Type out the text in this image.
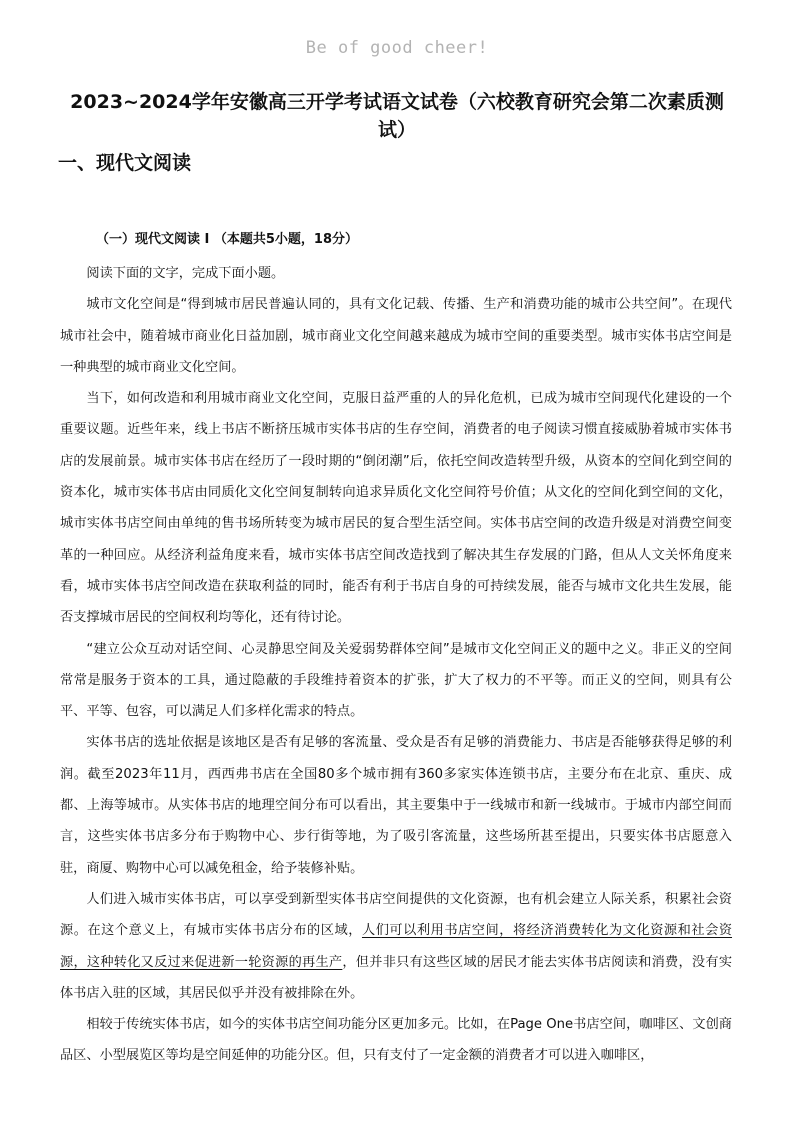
Be of good cheer!
2023~2024学年安徽高三开学考试语文试卷（六校教育研究会第二次素质测试）
一、现代文阅读
（一）现代文阅读 I （本题共5小题，18分）

阅读下面的文字，完成下面小题。

城市文化空间是“得到城市居民普遍认同的，具有文化记载、传播、生产和消费功能的城市公共空间”。在现代城市社会中，随着城市商业化日益加剧，城市商业文化空间越来越成为城市空间的重要类型。城市实体书店空间是一种典型的城市商业文化空间。

当下，如何改造和利用城市商业文化空间，克服日益严重的人的异化危机，已成为城市空间现代化建设的一个重要议题。近些年来，线上书店不断挤压城市实体书店的生存空间，消费者的电子阅读习惯直接威胁着城市实体书店的发展前景。城市实体书店在经历了一段时期的“倒闭潮”后，依托空间改造转型升级，从资本的空间化到空间的资本化，城市实体书店由同质化文化空间复制转向追求异质化文化空间符号价值；从文化的空间化到空间的文化，城市实体书店空间由单纯的售书场所转变为城市居民的复合型生活空间。实体书店空间的改造升级是对消费空间变革的一种回应。从经济利益角度来看，城市实体书店空间改造找到了解决其生存发展的门路，但从人文关怀角度来看，城市实体书店空间改造在获取利益的同时，能否有利于书店自身的可持续发展，能否与城市文化共生发展，能否支撑城市居民的空间权利均等化，还有待讨论。

“建立公众互动对话空间、心灵静思空间及关爱弱势群体空间”是城市文化空间正义的题中之义。非正义的空间常常是服务于资本的工具，通过隐蔽的手段维持着资本的扩张，扩大了权力的不平等。而正义的空间，则具有公平、平等、包容，可以满足人们多样化需求的特点。

实体书店的选址依据是该地区是否有足够的客流量、受众是否有足够的消费能力、书店是否能够获得足够的利润。截至2023年11月，西西弗书店在全国80多个城市拥有360多家实体连锁书店，主要分布在北京、重庆、成都、上海等城市。从实体书店的地理空间分布可以看出，其主要集中于一线城市和新一线城市。于城市内部空间而言，这些实体书店多分布于购物中心、步行街等地，为了吸引客流量，这些场所甚至提出，只要实体书店愿意入驻，商厦、购物中心可以减免租金，给予装修补贴。

人们进入城市实体书店，可以享受到新型实体书店空间提供的文化资源，也有机会建立人际关系，积累社会资源。在这个意义上，有城市实体书店分布的区域，人们可以利用书店空间，将经济消费转化为文化资源和社会资源，这种转化又反过来促进新一轮资源的再生产，但并非只有这些区域的居民才能去实体书店阅读和消费，没有实体书店入驻的区域，其居民似乎并没有被排除在外。

相较于传统实体书店，如今的实体书店空间功能分区更加多元。比如，在Page One书店空间，咖啡区、文创商品区、小型展览区等均是空间延伸的功能分区。但，只有支付了一定金额的消费者才可以进入咖啡区，
